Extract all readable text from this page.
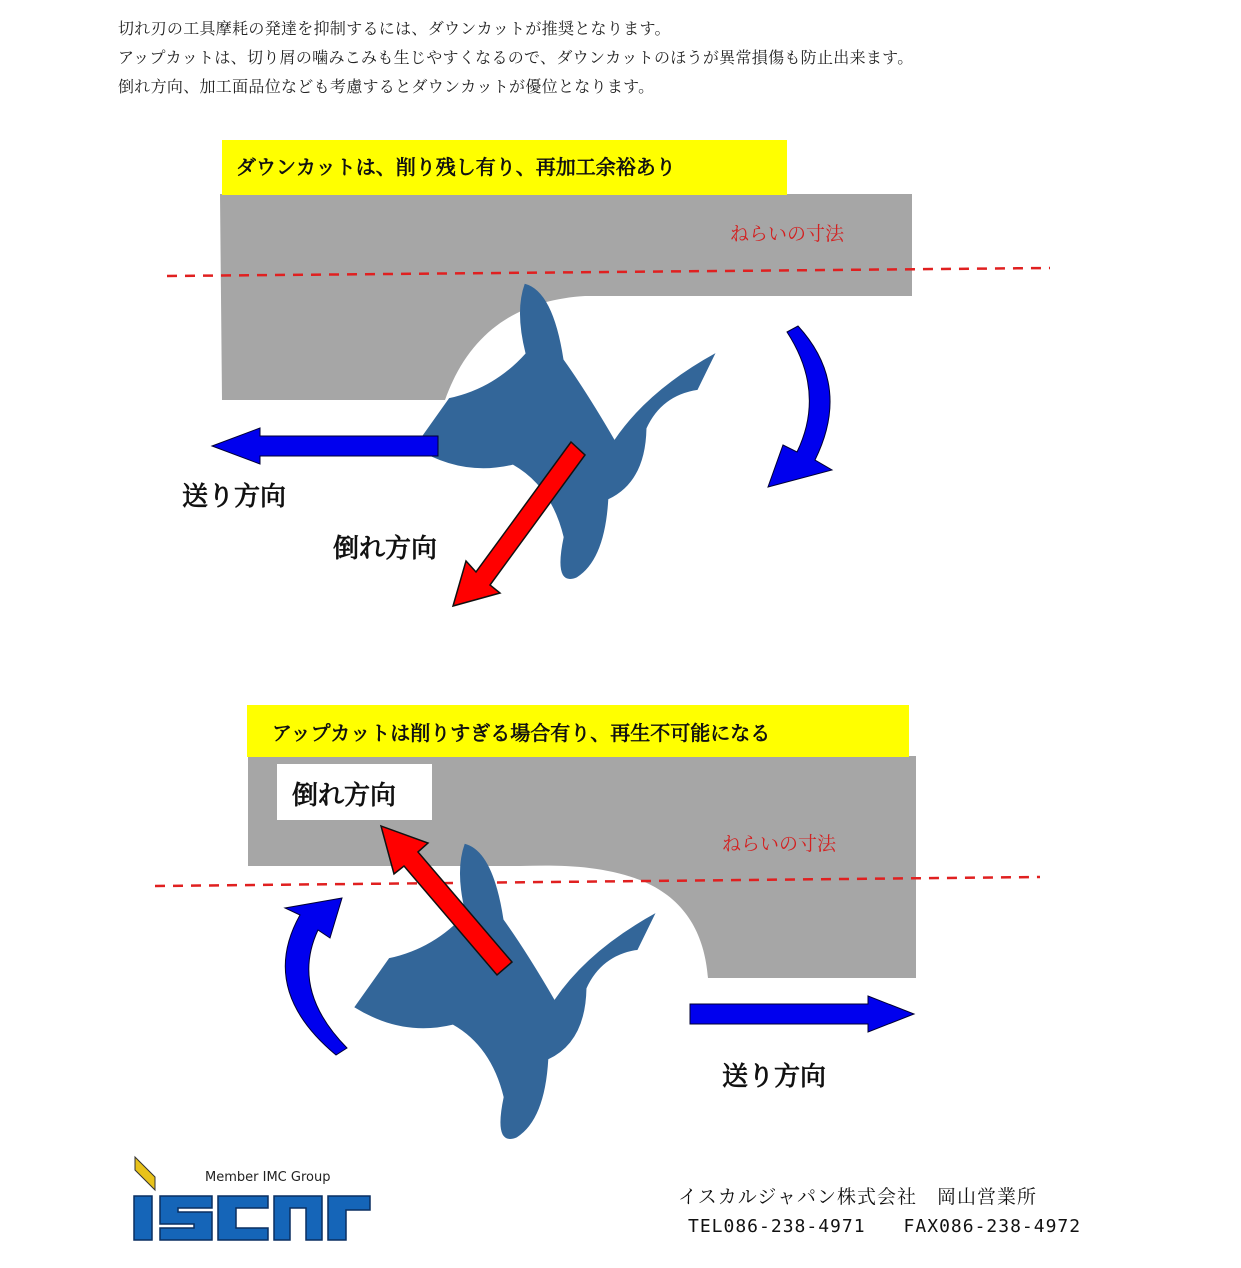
切れ刃の工具摩耗の発達を抑制するには、ダウンカットが推奨となります。

アップカットは、切り屑の噛みこみも生じやすくなるので、ダウンカットのほうが異常損傷も防止出来ます。

倒れ方向、加工面品位なども考慮するとダウンカットが優位となります。

ダウンカットは、削り残し有り、再加工余裕あり
ねらいの寸法
送り方向
倒れ方向
アップカットは削りすぎる場合有り、再生不可能になる
倒れ方向
ねらいの寸法
送り方向
Member IMC Group
イスカルジャパン株式会社　岡山営業所
TEL086-238-4971　　FAX086-238-4972
